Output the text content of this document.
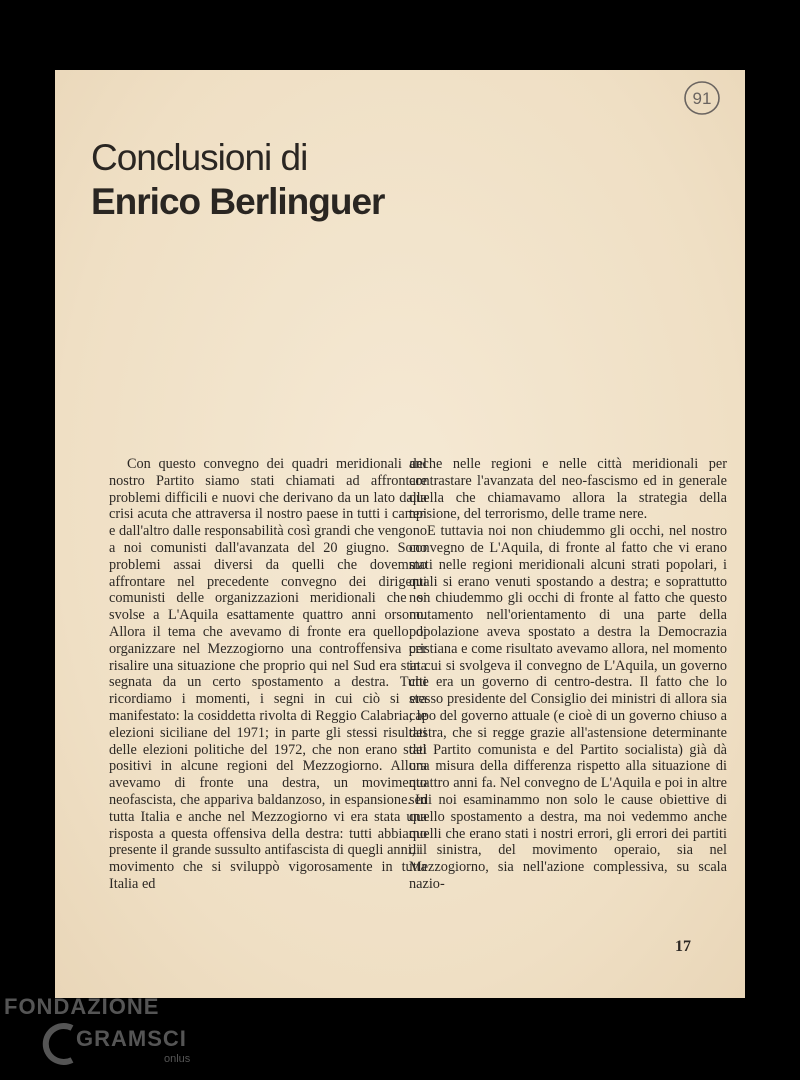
91
Conclusioni di
Enrico Berlinguer

Con questo convegno dei quadri meridionali del nostro Partito siamo stati chiamati ad affrontare problemi difficili e nuovi che derivano da un lato dalla crisi acuta che attraversa il nostro paese in tutti i campi e dall'altro dalle responsabilità così grandi che vengono a noi comunisti dall'avanzata del 20 giugno. Sono problemi assai diversi da quelli che dovemmo affrontare nel precedente convegno dei dirigenti comunisti delle organizzazioni meridionali che si svolse a L'Aquila esattamente quattro anni orsono. Allora il tema che avevamo di fronte era quello di organizzare nel Mezzogiorno una controffensiva per risalire una situazione che proprio qui nel Sud era stata segnata da un certo spostamento a destra. Tutti ricordiamo i momenti, i segni in cui ciò si era manifestato: la cosiddetta rivolta di Reggio Calabria; le elezioni siciliane del 1971; in parte gli stessi risultati delle elezioni politiche del 1972, che non erano stati positivi in alcune regioni del Mezzogiorno. Allora avevamo di fronte una destra, un movimento neofascista, che appariva baldanzoso, in espansione. In tutta Italia e anche nel Mezzogiorno vi era stata una risposta a questa offensiva della destra: tutti abbiamo presente il grande sussulto antifascista di quegli anni, il movimento che si sviluppò vigorosamente in tutta Italia ed

anche nelle regioni e nelle città meridionali per contrastare l'avanzata del neo-fascismo ed in generale quella che chiamavamo allora la strategia della tensione, del terrorismo, delle trame nere.

E tuttavia noi non chiudemmo gli occhi, nel nostro convegno de L'Aquila, di fronte al fatto che vi erano stati nelle regioni meridionali alcuni strati popolari, i quali si erano venuti spostando a destra; e soprattutto non chiudemmo gli occhi di fronte al fatto che questo mutamento nell'orientamento di una parte della popolazione aveva spostato a destra la Democrazia cristiana e come risultato avevamo allora, nel momento in cui si svolgeva il convegno de L'Aquila, un governo che era un governo di centro-destra. Il fatto che lo stesso presidente del Consiglio dei ministri di allora sia capo del governo attuale (e cioè di un governo chiuso a destra, che si regge grazie all'astensione determinante del Partito comunista e del Partito socialista) già dà una misura della differenza rispetto alla situazione di quattro anni fa. Nel convegno de L'Aquila e poi in altre sedi noi esaminammo non solo le cause obiettive di quello spostamento a destra, ma noi vedemmo anche quelli che erano stati i nostri errori, gli errori dei partiti di sinistra, del movimento operaio, sia nel Mezzogiorno, sia nell'azione complessiva, su scala nazio-

17
FONDAZIONE
GRAMSCI
onlus
